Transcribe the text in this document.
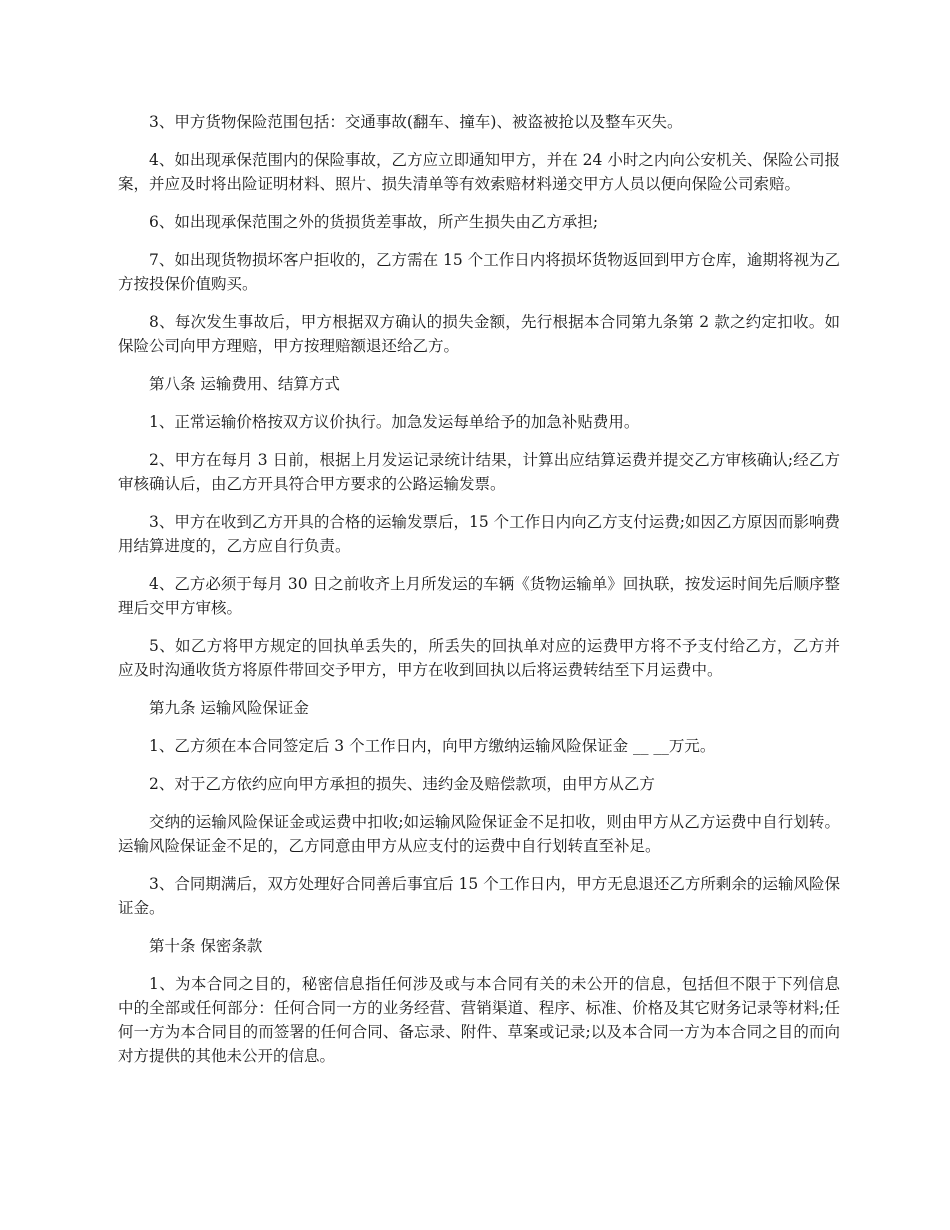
3、甲方货物保险范围包括：交通事故(翻车、撞车)、被盗被抢以及整车灭失。

4、如出现承保范围内的保险事故，乙方应立即通知甲方，并在 24 小时之内向公安机关、保险公司报案，并应及时将出险证明材料、照片、损失清单等有效索赔材料递交甲方人员以便向保险公司索赔。

6、如出现承保范围之外的货损货差事故，所产生损失由乙方承担;

7、如出现货物损坏客户拒收的，乙方需在 15 个工作日内将损坏货物返回到甲方仓库，逾期将视为乙方按投保价值购买。

8、每次发生事故后，甲方根据双方确认的损失金额，先行根据本合同第九条第 2 款之约定扣收。如保险公司向甲方理赔，甲方按理赔额退还给乙方。

第八条 运输费用、结算方式

1、正常运输价格按双方议价执行。加急发运每单给予的加急补贴费用。

2、甲方在每月 3 日前，根据上月发运记录统计结果，计算出应结算运费并提交乙方审核确认;经乙方审核确认后，由乙方开具符合甲方要求的公路运输发票。

3、甲方在收到乙方开具的合格的运输发票后，15 个工作日内向乙方支付运费;如因乙方原因而影响费用结算进度的，乙方应自行负责。

4、乙方必须于每月 30 日之前收齐上月所发运的车辆《货物运输单》回执联，按发运时间先后顺序整理后交甲方审核。

5、如乙方将甲方规定的回执单丢失的，所丢失的回执单对应的运费甲方将不予支付给乙方，乙方并应及时沟通收货方将原件带回交予甲方，甲方在收到回执以后将运费转结至下月运费中。

第九条 运输风险保证金

1、乙方须在本合同签定后 3 个工作日内，向甲方缴纳运输风险保证金 __ __万元。

2、对于乙方依约应向甲方承担的损失、违约金及赔偿款项，由甲方从乙方

交纳的运输风险保证金或运费中扣收;如运输风险保证金不足扣收，则由甲方从乙方运费中自行划转。运输风险保证金不足的，乙方同意由甲方从应支付的运费中自行划转直至补足。

3、合同期满后，双方处理好合同善后事宜后 15 个工作日内，甲方无息退还乙方所剩余的运输风险保证金。

第十条 保密条款

1、为本合同之目的，秘密信息指任何涉及或与本合同有关的未公开的信息，包括但不限于下列信息中的全部或任何部分：任何合同一方的业务经营、营销渠道、程序、标准、价格及其它财务记录等材料;任何一方为本合同目的而签署的任何合同、备忘录、附件、草案或记录;以及本合同一方为本合同之目的而向对方提供的其他未公开的信息。
